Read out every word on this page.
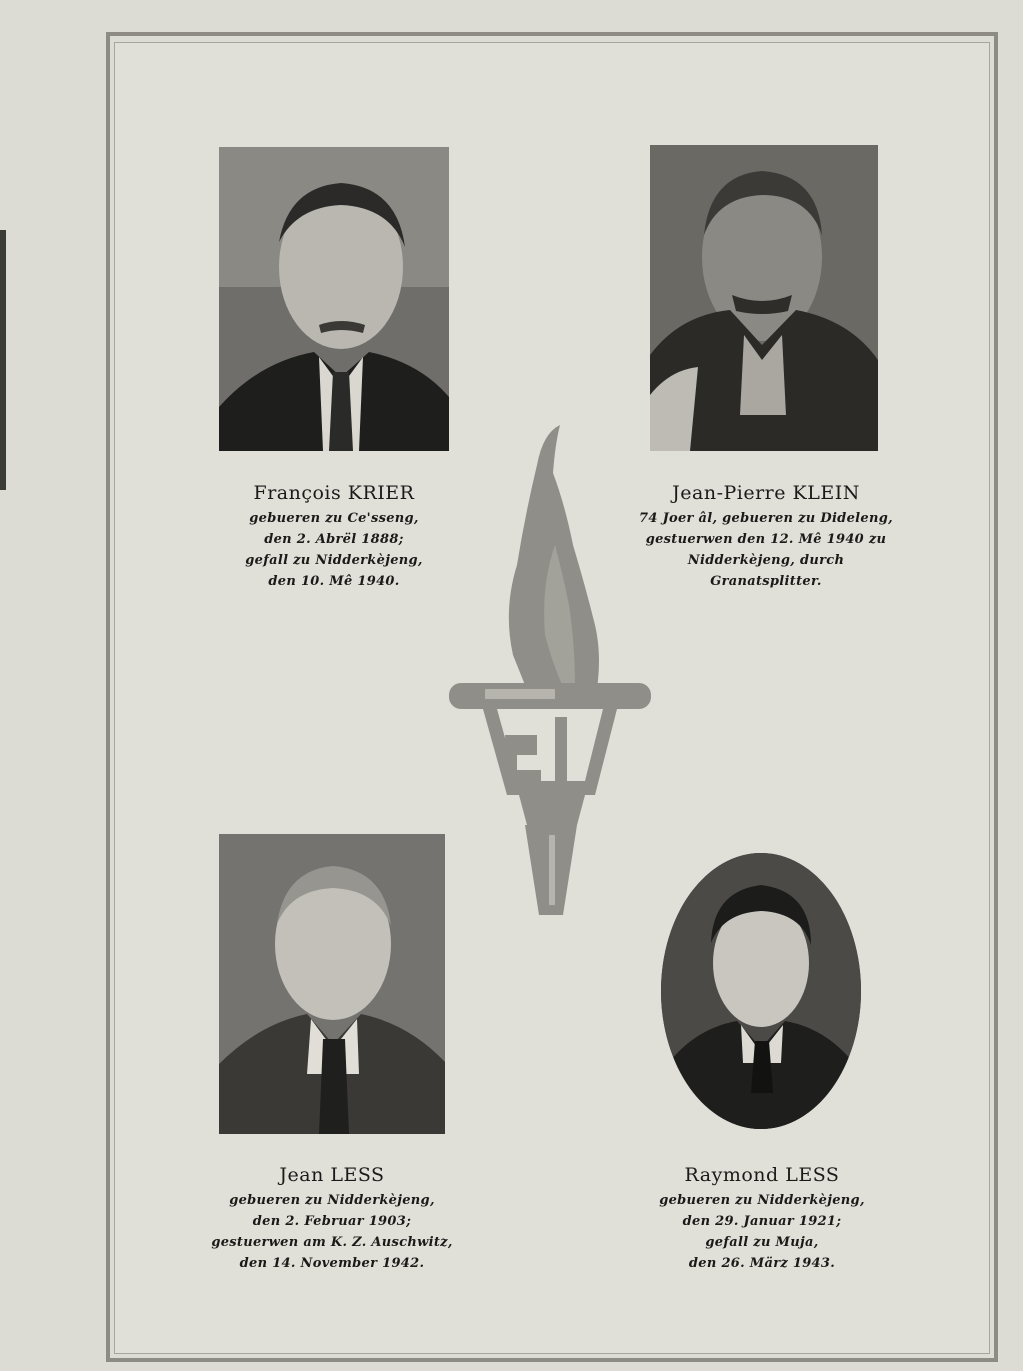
François KRIER
gebueren zu Ce'sseng,
den 2. Abrël 1888;
gefall zu Nidderkèjeng,
den 10. Mê 1940.
Jean-Pierre KLEIN
74 Joer âl, gebueren zu Dideleng,
gestuerwen den 12. Mê 1940 zu
Nidderkèjeng, durch
Granatsplitter.
Jean LESS
gebueren zu Nidderkèjeng,
den 2. Februar 1903;
gestuerwen am K. Z. Auschwitz,
den 14. November 1942.
Raymond LESS
gebueren zu Nidderkèjeng,
den 29. Januar 1921;
gefall zu Muja,
den 26. März 1943.
